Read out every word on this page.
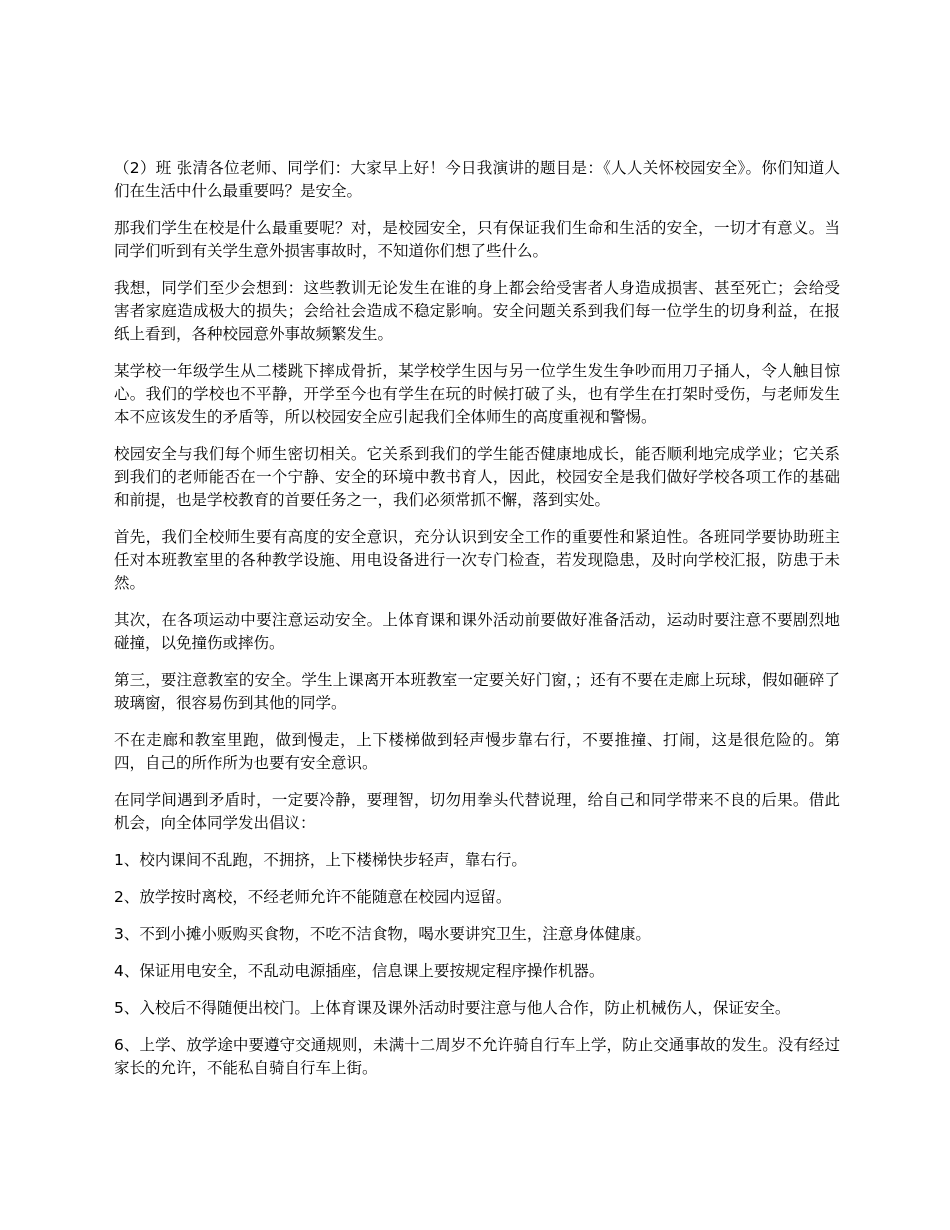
（2）班 张清各位老师、同学们：大家早上好！今日我演讲的题目是：《人人关怀校园安全》。你们知道人们在生活中什么最重要吗？是安全。

那我们学生在校是什么最重要呢？对，是校园安全，只有保证我们生命和生活的安全，一切才有意义。当同学们听到有关学生意外损害事故时，不知道你们想了些什么。

我想，同学们至少会想到：这些教训无论发生在谁的身上都会给受害者人身造成损害、甚至死亡；会给受害者家庭造成极大的损失；会给社会造成不稳定影响。安全问题关系到我们每一位学生的切身利益，在报纸上看到，各种校园意外事故频繁发生。

某学校一年级学生从二楼跳下摔成骨折，某学校学生因与另一位学生发生争吵而用刀子捅人，令人触目惊心。我们的学校也不平静，开学至今也有学生在玩的时候打破了头，也有学生在打架时受伤，与老师发生本不应该发生的矛盾等，所以校园安全应引起我们全体师生的高度重视和警惕。

校园安全与我们每个师生密切相关。它关系到我们的学生能否健康地成长，能否顺利地完成学业；它关系到我们的老师能否在一个宁静、安全的环境中教书育人，因此，校园安全是我们做好学校各项工作的基础和前提，也是学校教育的首要任务之一，我们必须常抓不懈，落到实处。

首先，我们全校师生要有高度的安全意识，充分认识到安全工作的重要性和紧迫性。各班同学要协助班主任对本班教室里的各种教学设施、用电设备进行一次专门检查，若发现隐患，及时向学校汇报，防患于未然。

其次，在各项运动中要注意运动安全。上体育课和课外活动前要做好准备活动，运动时要注意不要剧烈地碰撞，以免撞伤或摔伤。

第三，要注意教室的安全。学生上课离开本班教室一定要关好门窗，；还有不要在走廊上玩球，假如砸碎了玻璃窗，很容易伤到其他的同学。

不在走廊和教室里跑，做到慢走，上下楼梯做到轻声慢步靠右行，不要推撞、打闹，这是很危险的。第四，自己的所作所为也要有安全意识。

在同学间遇到矛盾时，一定要冷静，要理智，切勿用拳头代替说理，给自己和同学带来不良的后果。借此机会，向全体同学发出倡议：

1、校内课间不乱跑，不拥挤，上下楼梯快步轻声，靠右行。

2、放学按时离校，不经老师允许不能随意在校园内逗留。

3、不到小摊小贩购买食物，不吃不洁食物，喝水要讲究卫生，注意身体健康。

4、保证用电安全，不乱动电源插座，信息课上要按规定程序操作机器。

5、入校后不得随便出校门。上体育课及课外活动时要注意与他人合作，防止机械伤人，保证安全。

6、上学、放学途中要遵守交通规则，未满十二周岁不允许骑自行车上学，防止交通事故的发生。没有经过家长的允许，不能私自骑自行车上街。
